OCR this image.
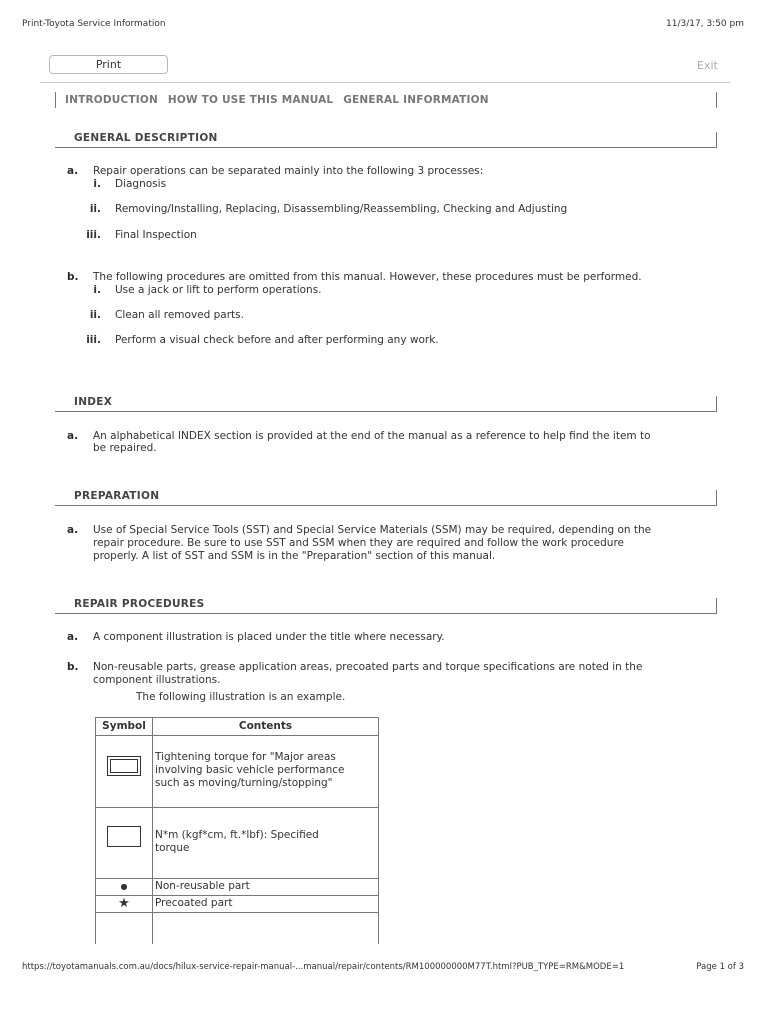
Print-Toyota Service Information	11/3/17, 3:50 pm
Print	Exit
INTRODUCTION HOW TO USE THIS MANUAL GENERAL INFORMATION
GENERAL DESCRIPTION
a. Repair operations can be separated mainly into the following 3 processes:
i. Diagnosis
ii. Removing/Installing, Replacing, Disassembling/Reassembling, Checking and Adjusting
iii. Final Inspection
b. The following procedures are omitted from this manual. However, these procedures must be performed.
i. Use a jack or lift to perform operations.
ii. Clean all removed parts.
iii. Perform a visual check before and after performing any work.
INDEX
a. An alphabetical INDEX section is provided at the end of the manual as a reference to help find the item to
be repaired.
PREPARATION
a. Use of Special Service Tools (SST) and Special Service Materials (SSM) may be required, depending on the
repair procedure. Be sure to use SST and SSM when they are required and follow the work procedure
properly. A list of SST and SSM is in the "Preparation" section of this manual.
REPAIR PROCEDURES
a. A component illustration is placed under the title where necessary.
b. Non-reusable parts, grease application areas, precoated parts and torque specifications are noted in the
component illustrations.
The following illustration is an example.
Symbol	Contents

	Tightening torque for "Major areas
involving basic vehicle performance
such as moving/turning/stopping"

	N*m (kgf*cm, ft.*lbf): Specified
torque

●	Non-reusable part
★	Precoated part

https://toyotamanuals.com.au/docs/hilux-service-repair-manual-...manual/repair/contents/RM100000000M77T.html?PUB_TYPE=RM&MODE=1	Page 1 of 3
